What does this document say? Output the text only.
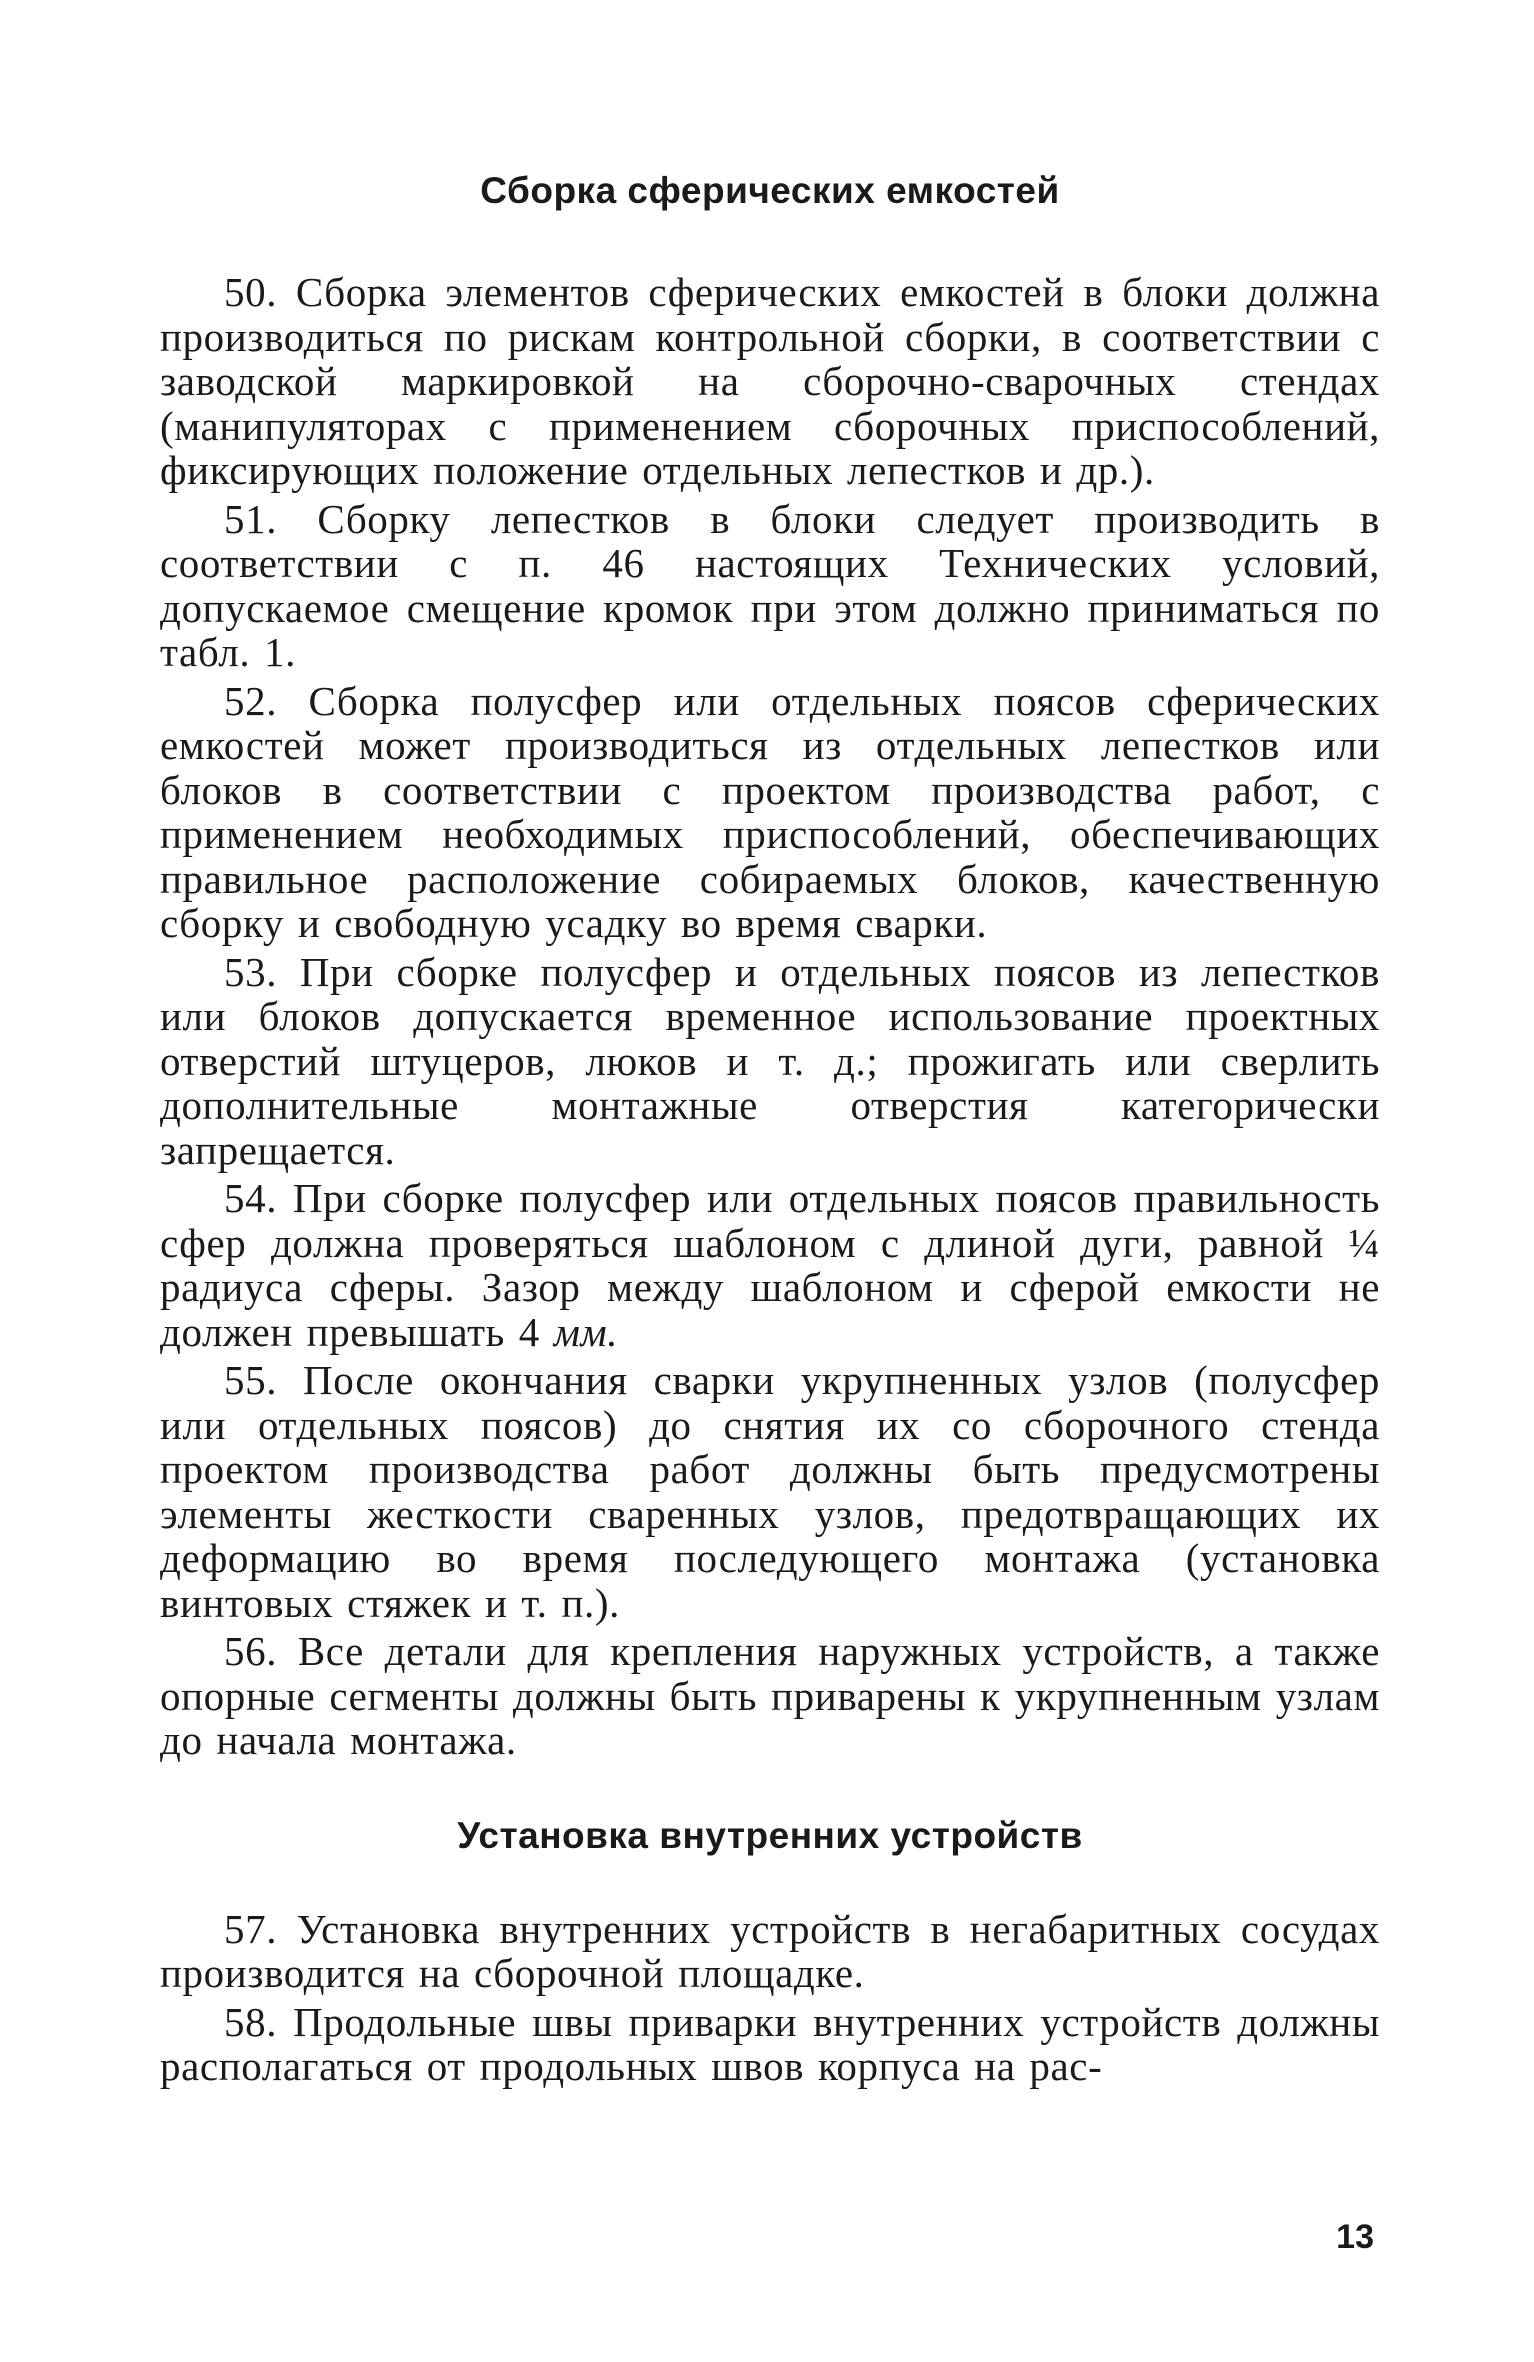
Сборка сферических емкостей

50. Сборка элементов сферических емкостей в блоки должна производиться по рискам контрольной сборки, в соответствии с заводской маркировкой на сборочно-сварочных стендах (манипуляторах с применением сборочных приспособлений, фиксирующих положение отдельных лепестков и др.).

51. Сборку лепестков в блоки следует производить в соответствии с п. 46 настоящих Технических условий, допускаемое смещение кромок при этом должно приниматься по табл. 1.

52. Сборка полусфер или отдельных поясов сферических емкостей может производиться из отдельных лепестков или блоков в соответствии с проектом производства работ, с применением необходимых приспособлений, обеспечивающих правильное расположение собираемых блоков, качественную сборку и свободную усадку во время сварки.

53. При сборке полусфер и отдельных поясов из лепестков или блоков допускается временное использование проектных отверстий штуцеров, люков и т. д.; прожигать или сверлить дополнительные монтажные отверстия категорически запрещается.

54. При сборке полусфер или отдельных поясов правильность сфер должна проверяться шаблоном с длиной дуги, равной ¼ радиуса сферы. Зазор между шаблоном и сферой емкости не должен превышать 4 мм.

55. После окончания сварки укрупненных узлов (полусфер или отдельных поясов) до снятия их со сборочного стенда проектом производства работ должны быть предусмотрены элементы жесткости сваренных узлов, предотвращающих их деформацию во время последующего монтажа (установка винтовых стяжек и т. п.).

56. Все детали для крепления наружных устройств, а также опорные сегменты должны быть приварены к укрупненным узлам до начала монтажа.

Установка внутренних устройств

57. Установка внутренних устройств в негабаритных сосудах производится на сборочной площадке.

58. Продольные швы приварки внутренних устройств должны располагаться от продольных швов корпуса на рас-

13
